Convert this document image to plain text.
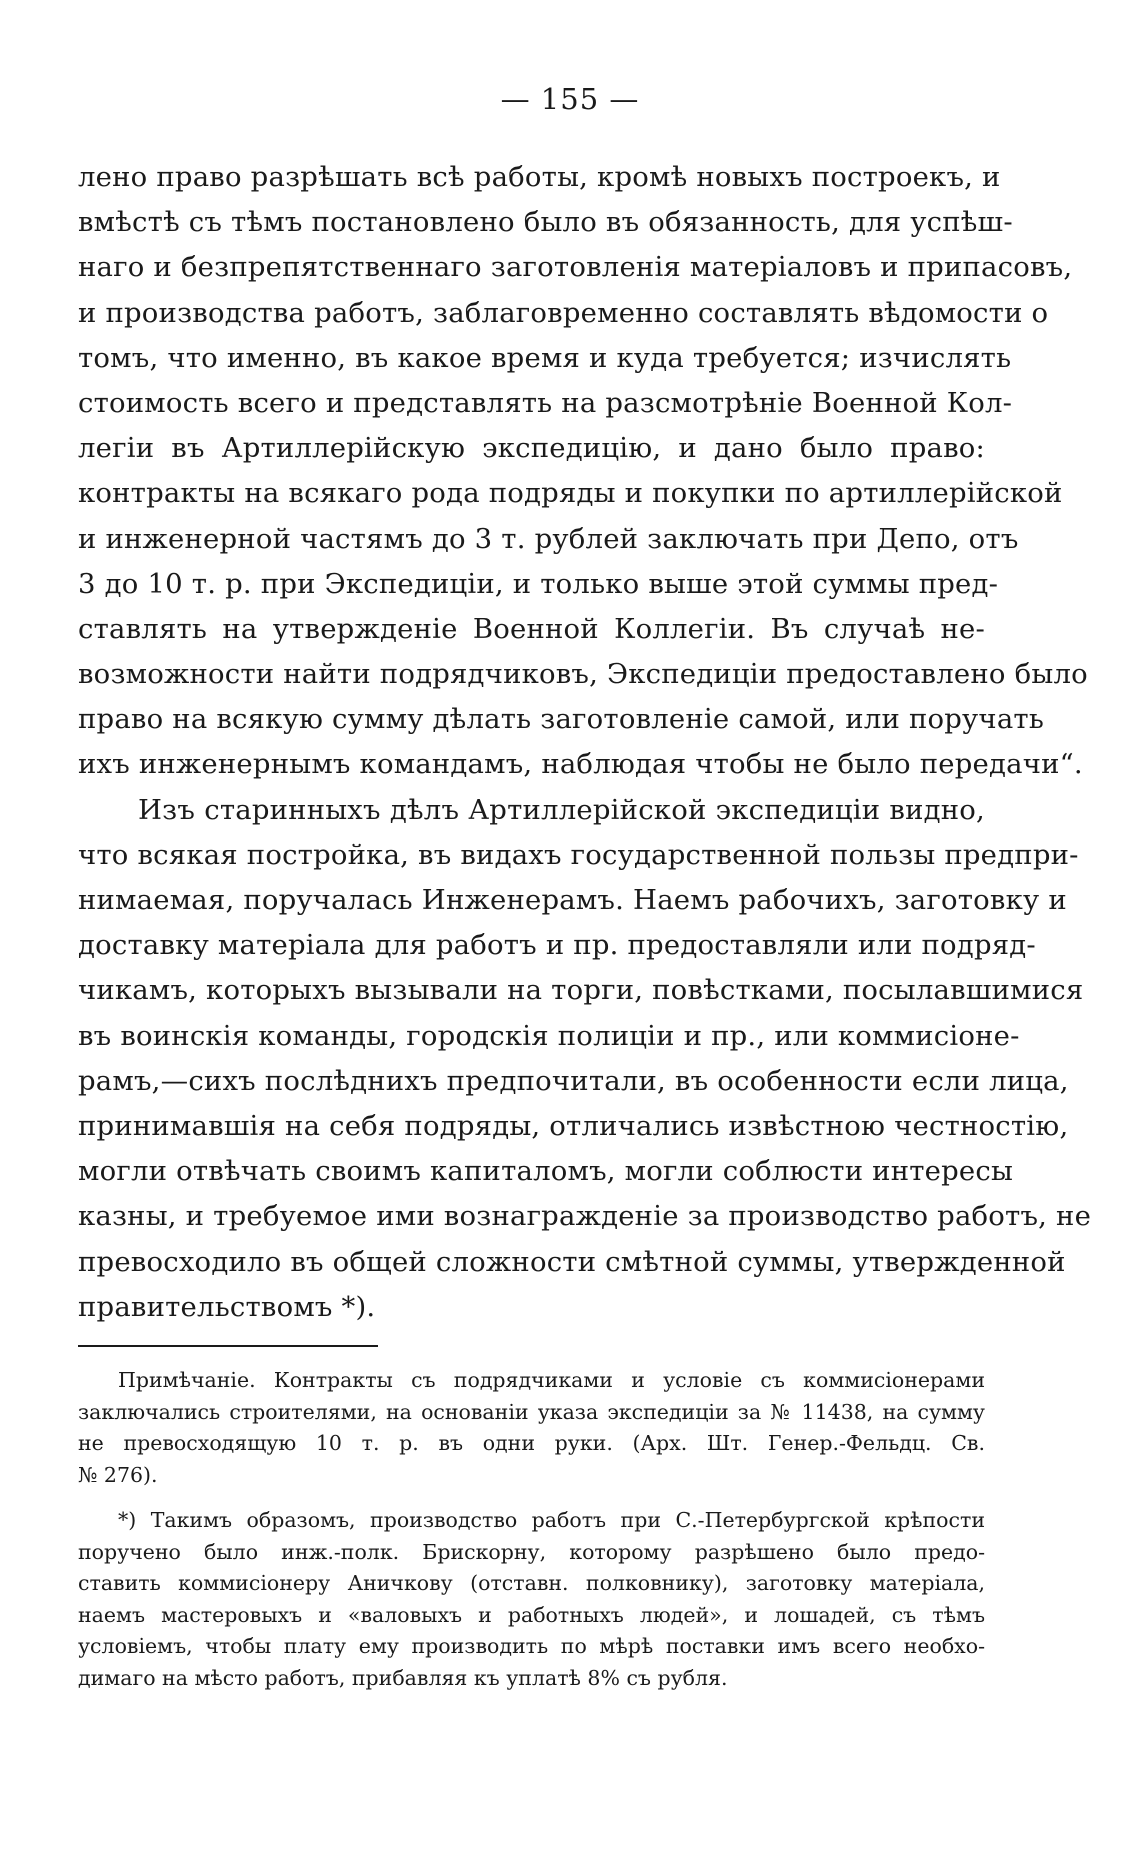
— 155 —
лено право разрѣшать всѣ работы, кромѣ новыхъ построекъ, и
вмѣстѣ съ тѣмъ постановлено было въ обязанность, для успѣш-
наго и безпрепятственнаго заготовленія матеріаловъ и припасовъ,
и производства работъ, заблаговременно составлять вѣдомости о
томъ, что именно, въ какое время и куда требуется; изчислять
стоимость всего и представлять на разсмотрѣніе Военной Кол-
легіи въ Артиллерійскую экспедицію, и дано было право:
контракты на всякаго рода подряды и покупки по артиллерійской
и инженерной частямъ до 3 т. рублей заключать при Депо, отъ
3 до 10 т. р. при Экспедиціи, и только выше этой суммы пред-
ставлять на утвержденіе Военной Коллегіи. Въ случаѣ не-
возможности найти подрядчиковъ, Экспедиціи предоставлено было
право на всякую сумму дѣлать заготовленіе самой, или поручать
ихъ инженернымъ командамъ, наблюдая чтобы не было передачи“.
Изъ старинныхъ дѣлъ Артиллерійской экспедиціи видно,
что всякая постройка, въ видахъ государственной пользы предпри-
нимаемая, поручалась Инженерамъ. Наемъ рабочихъ, заготовку и
доставку матеріала для работъ и пр. предоставляли или подряд-
чикамъ, которыхъ вызывали на торги, повѣстками, посылавшимися
въ воинскія команды, городскія полиціи и пр., или коммисіоне-
рамъ,—сихъ послѣднихъ предпочитали, въ особенности если лица,
принимавшія на себя подряды, отличались извѣстною честностію,
могли отвѣчать своимъ капиталомъ, могли соблюсти интересы
казны, и требуемое ими вознагражденіе за производство работъ, не
превосходило въ общей сложности смѣтной суммы, утвержденной
правительствомъ *).
Примѣчаніе. Контракты съ подрядчиками и условіе съ коммисіонерами
заключались строителями, на основаніи указа экспедиціи за № 11438, на сумму
не превосходящую 10 т. р. въ одни руки. (Арх. Шт. Генер.-Фельдц. Св.
№ 276).
*) Такимъ образомъ, производство работъ при С.-Петербургской крѣпости
поручено было инж.-полк. Брискорну, которому разрѣшено было предо-
ставить коммисіонеру Аничкову (отставн. полковнику), заготовку матеріала,
наемъ мастеровыхъ и «валовыхъ и работныхъ людей», и лошадей, съ тѣмъ
условіемъ, чтобы плату ему производить по мѣрѣ поставки имъ всего необхо-
димаго на мѣсто работъ, прибавляя къ уплатѣ 8% съ рубля.
